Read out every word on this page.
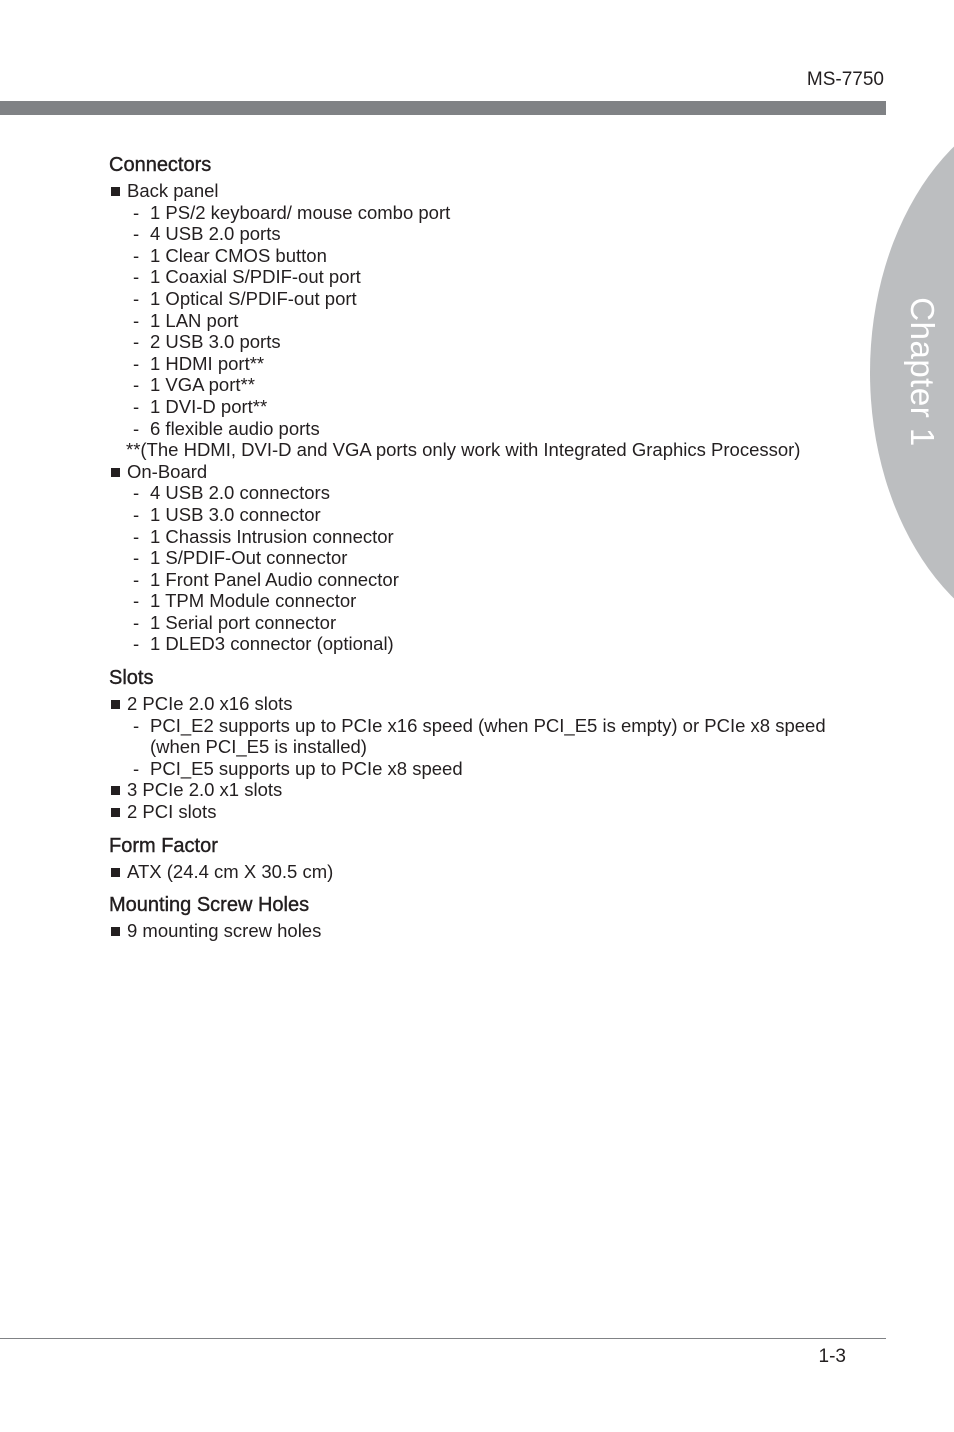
MS-7750
Chapter 1
Connectors
Back panel
- 1 PS/2 keyboard/ mouse combo port
- 4 USB 2.0 ports
- 1 Clear CMOS button
- 1 Coaxial S/PDIF-out port
- 1 Optical S/PDIF-out port
- 1 LAN port
- 2 USB 3.0 ports
- 1 HDMI port**
- 1 VGA port**
- 1 DVI-D port**
- 6 flexible audio ports
**(The HDMI, DVI-D and VGA ports only work with Integrated Graphics Processor)
On-Board
- 4 USB 2.0 connectors
- 1 USB 3.0 connector
- 1 Chassis Intrusion connector
- 1 S/PDIF-Out connector
- 1 Front Panel Audio connector
- 1 TPM Module connector
- 1 Serial port connector
- 1 DLED3 connector (optional)
Slots
2 PCIe 2.0 x16 slots
- PCI_E2 supports up to PCIe x16 speed (when PCI_E5 is empty) or PCIe x8 speed
(when PCI_E5 is installed)
- PCI_E5 supports up to PCIe x8 speed
3 PCIe 2.0 x1 slots
2 PCI slots
Form Factor
ATX (24.4 cm X 30.5 cm)
Mounting Screw Holes
9 mounting screw holes
1-3
